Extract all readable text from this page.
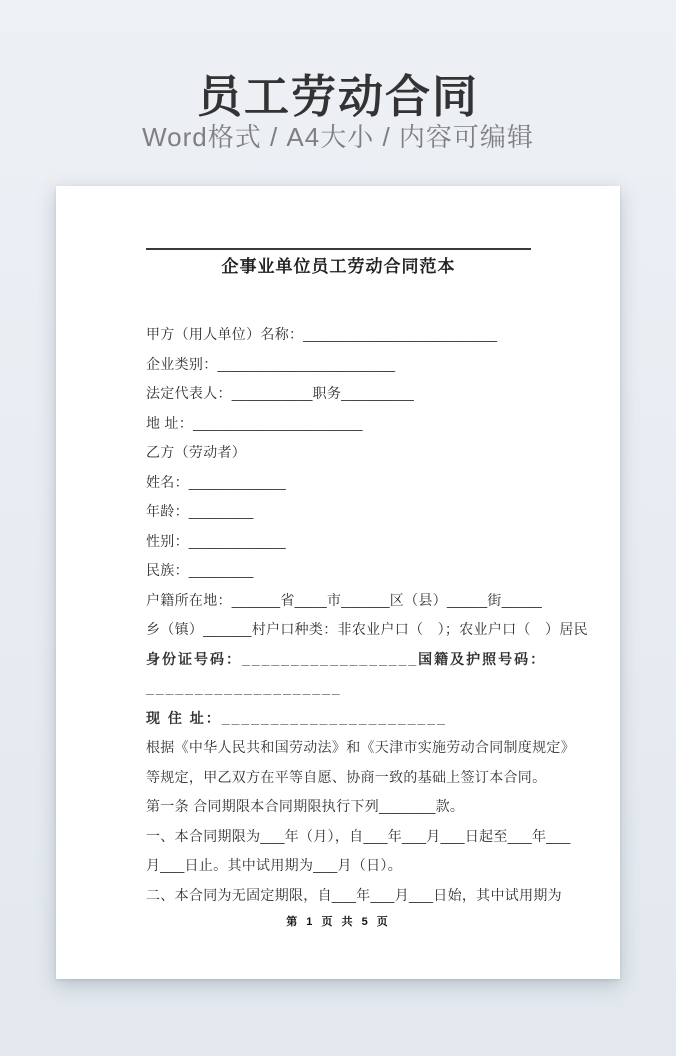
员工劳动合同

Word格式 / A4大小 / 内容可编辑

企事业单位员工劳动合同范本
甲方（用人单位）名称：________________________
企业类别：______________________
法定代表人：__________职务_________
地 址：_____________________
乙方（劳动者）
姓名：____________
年龄：________
性别：____________
民族：________
户籍所在地：______省____市______区（县）_____街_____
乡（镇）______村户口种类：非农业户口（　）；农业户口（　）居民
身份证号码：__________________国籍及护照号码：
____________________
现 住 址：_______________________
根据《中华人民共和国劳动法》和《天津市实施劳动合同制度规定》
等规定，甲乙双方在平等自愿、协商一致的基础上签订本合同。
第一条 合同期限本合同期限执行下列_______款。
一、本合同期限为___年（月），自___年___月___日起至___年___
月___日止。其中试用期为___月（日）。
二、本合同为无固定期限，自___年___月___日始，其中试用期为
第 1 页 共 5 页
